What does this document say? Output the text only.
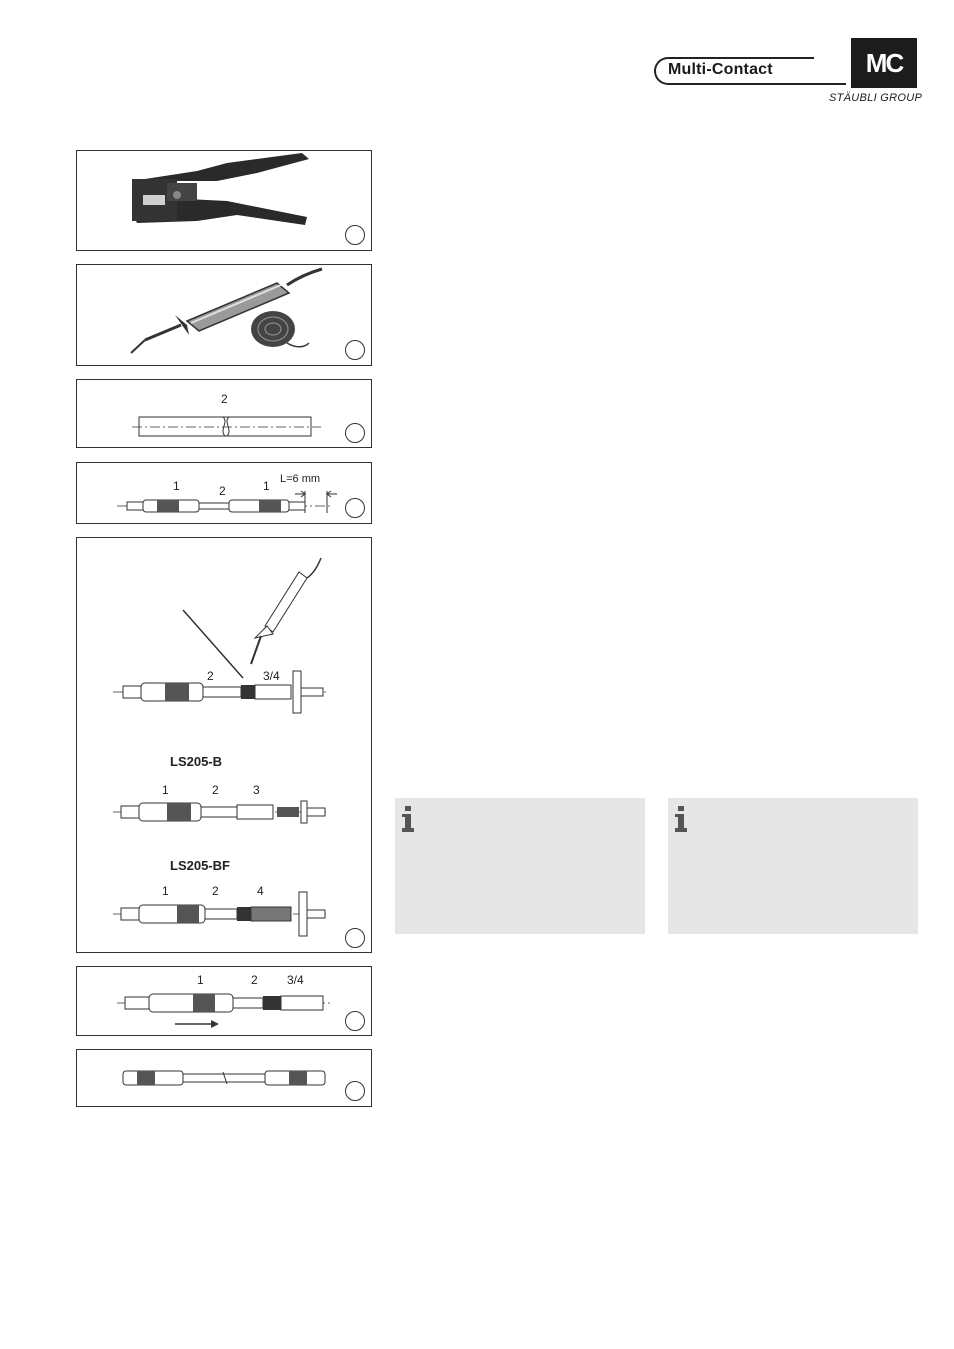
Multi-Contact	MC
STÄUBLI GROUP
2
1	2	1 L=6 mm
2	3/4
LS205-B
1	2	3
LS205-BF
1	2	4
1	2 3/4
